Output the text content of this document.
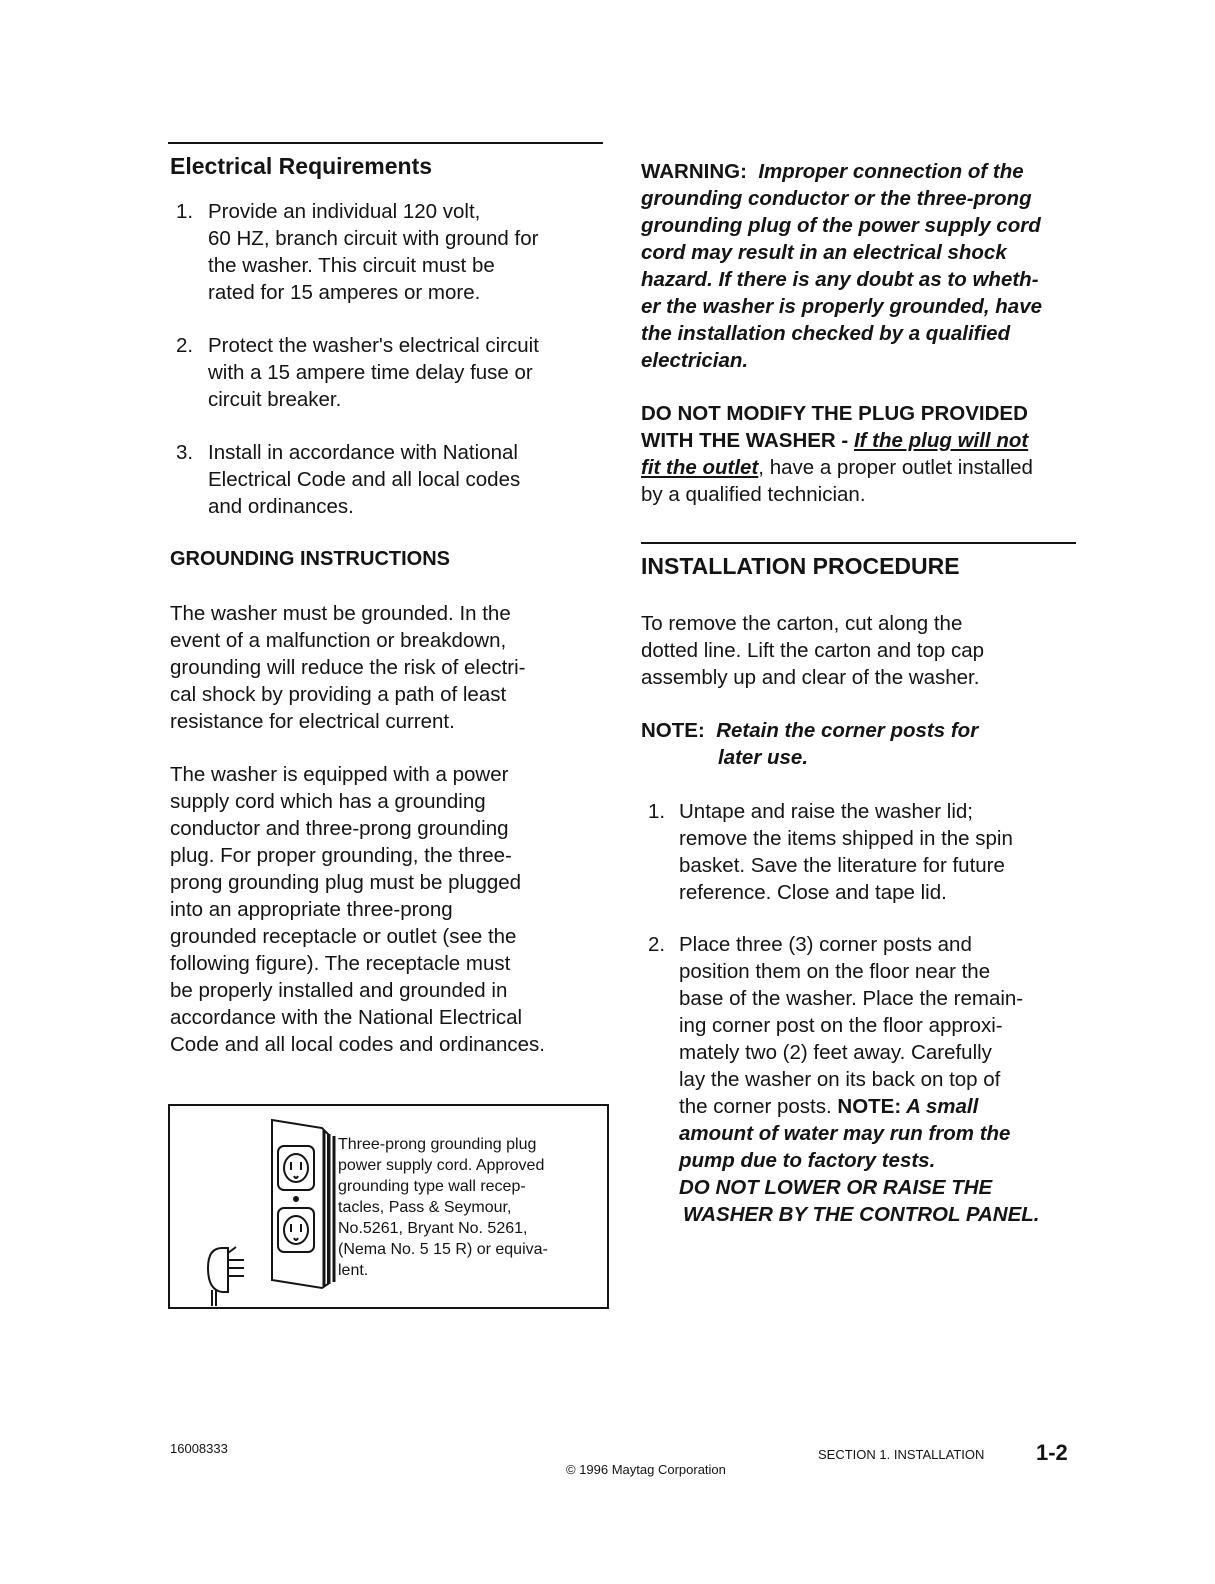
Electrical Requirements
1. Provide an individual 120 volt,

60 HZ, branch circuit with ground for

the washer. This circuit must be

rated for 15 amperes or more.

2. Protect the washer's electrical circuit

with a 15 ampere time delay fuse or

circuit breaker.

3. Install in accordance with National

Electrical Code and all local codes

and ordinances.

GROUNDING INSTRUCTIONS

The washer must be grounded. In the

event of a malfunction or breakdown,

grounding will reduce the risk of electri-

cal shock by providing a path of least

resistance for electrical current.

The washer is equipped with a power

supply cord which has a grounding

conductor and three-prong grounding

plug. For proper grounding, the three-

prong grounding plug must be plugged

into an appropriate three-prong

grounded receptacle or outlet (see the

following figure). The receptacle must

be properly installed and grounded in

accordance with the National Electrical

Code and all local codes and ordinances.

Three-prong grounding plug
power supply cord. Approved
grounding type wall recep-
tacles, Pass & Seymour,
No.5261, Bryant No. 5261,
(Nema No. 5 15 R) or equiva-
lent.

WARNING: Improper connection of the

grounding conductor or the three-prong

grounding plug of the power supply cord

cord may result in an electrical shock

hazard. If there is any doubt as to wheth-

er the washer is properly grounded, have

the installation checked by a qualified

electrician.

DO NOT MODIFY THE PLUG PROVIDED

WITH THE WASHER - If the plug will not

fit the outlet, have a proper outlet installed

by a qualified technician.

INSTALLATION PROCEDURE

To remove the carton, cut along the

dotted line. Lift the carton and top cap

assembly up and clear of the washer.

NOTE: Retain the corner posts for

later use.

1. Untape and raise the washer lid;

remove the items shipped in the spin

basket. Save the literature for future

reference. Close and tape lid.

2. Place three (3) corner posts and

position them on the floor near the

base of the washer. Place the remain-

ing corner post on the floor approxi-

mately two (2) feet away. Carefully

lay the washer on its back on top of

the corner posts. NOTE: A small

amount of water may run from the

pump due to factory tests.

DO NOT LOWER OR RAISE THE

WASHER BY THE CONTROL PANEL.

16008333
© 1996 Maytag Corporation
SECTION 1. INSTALLATION 1-2
